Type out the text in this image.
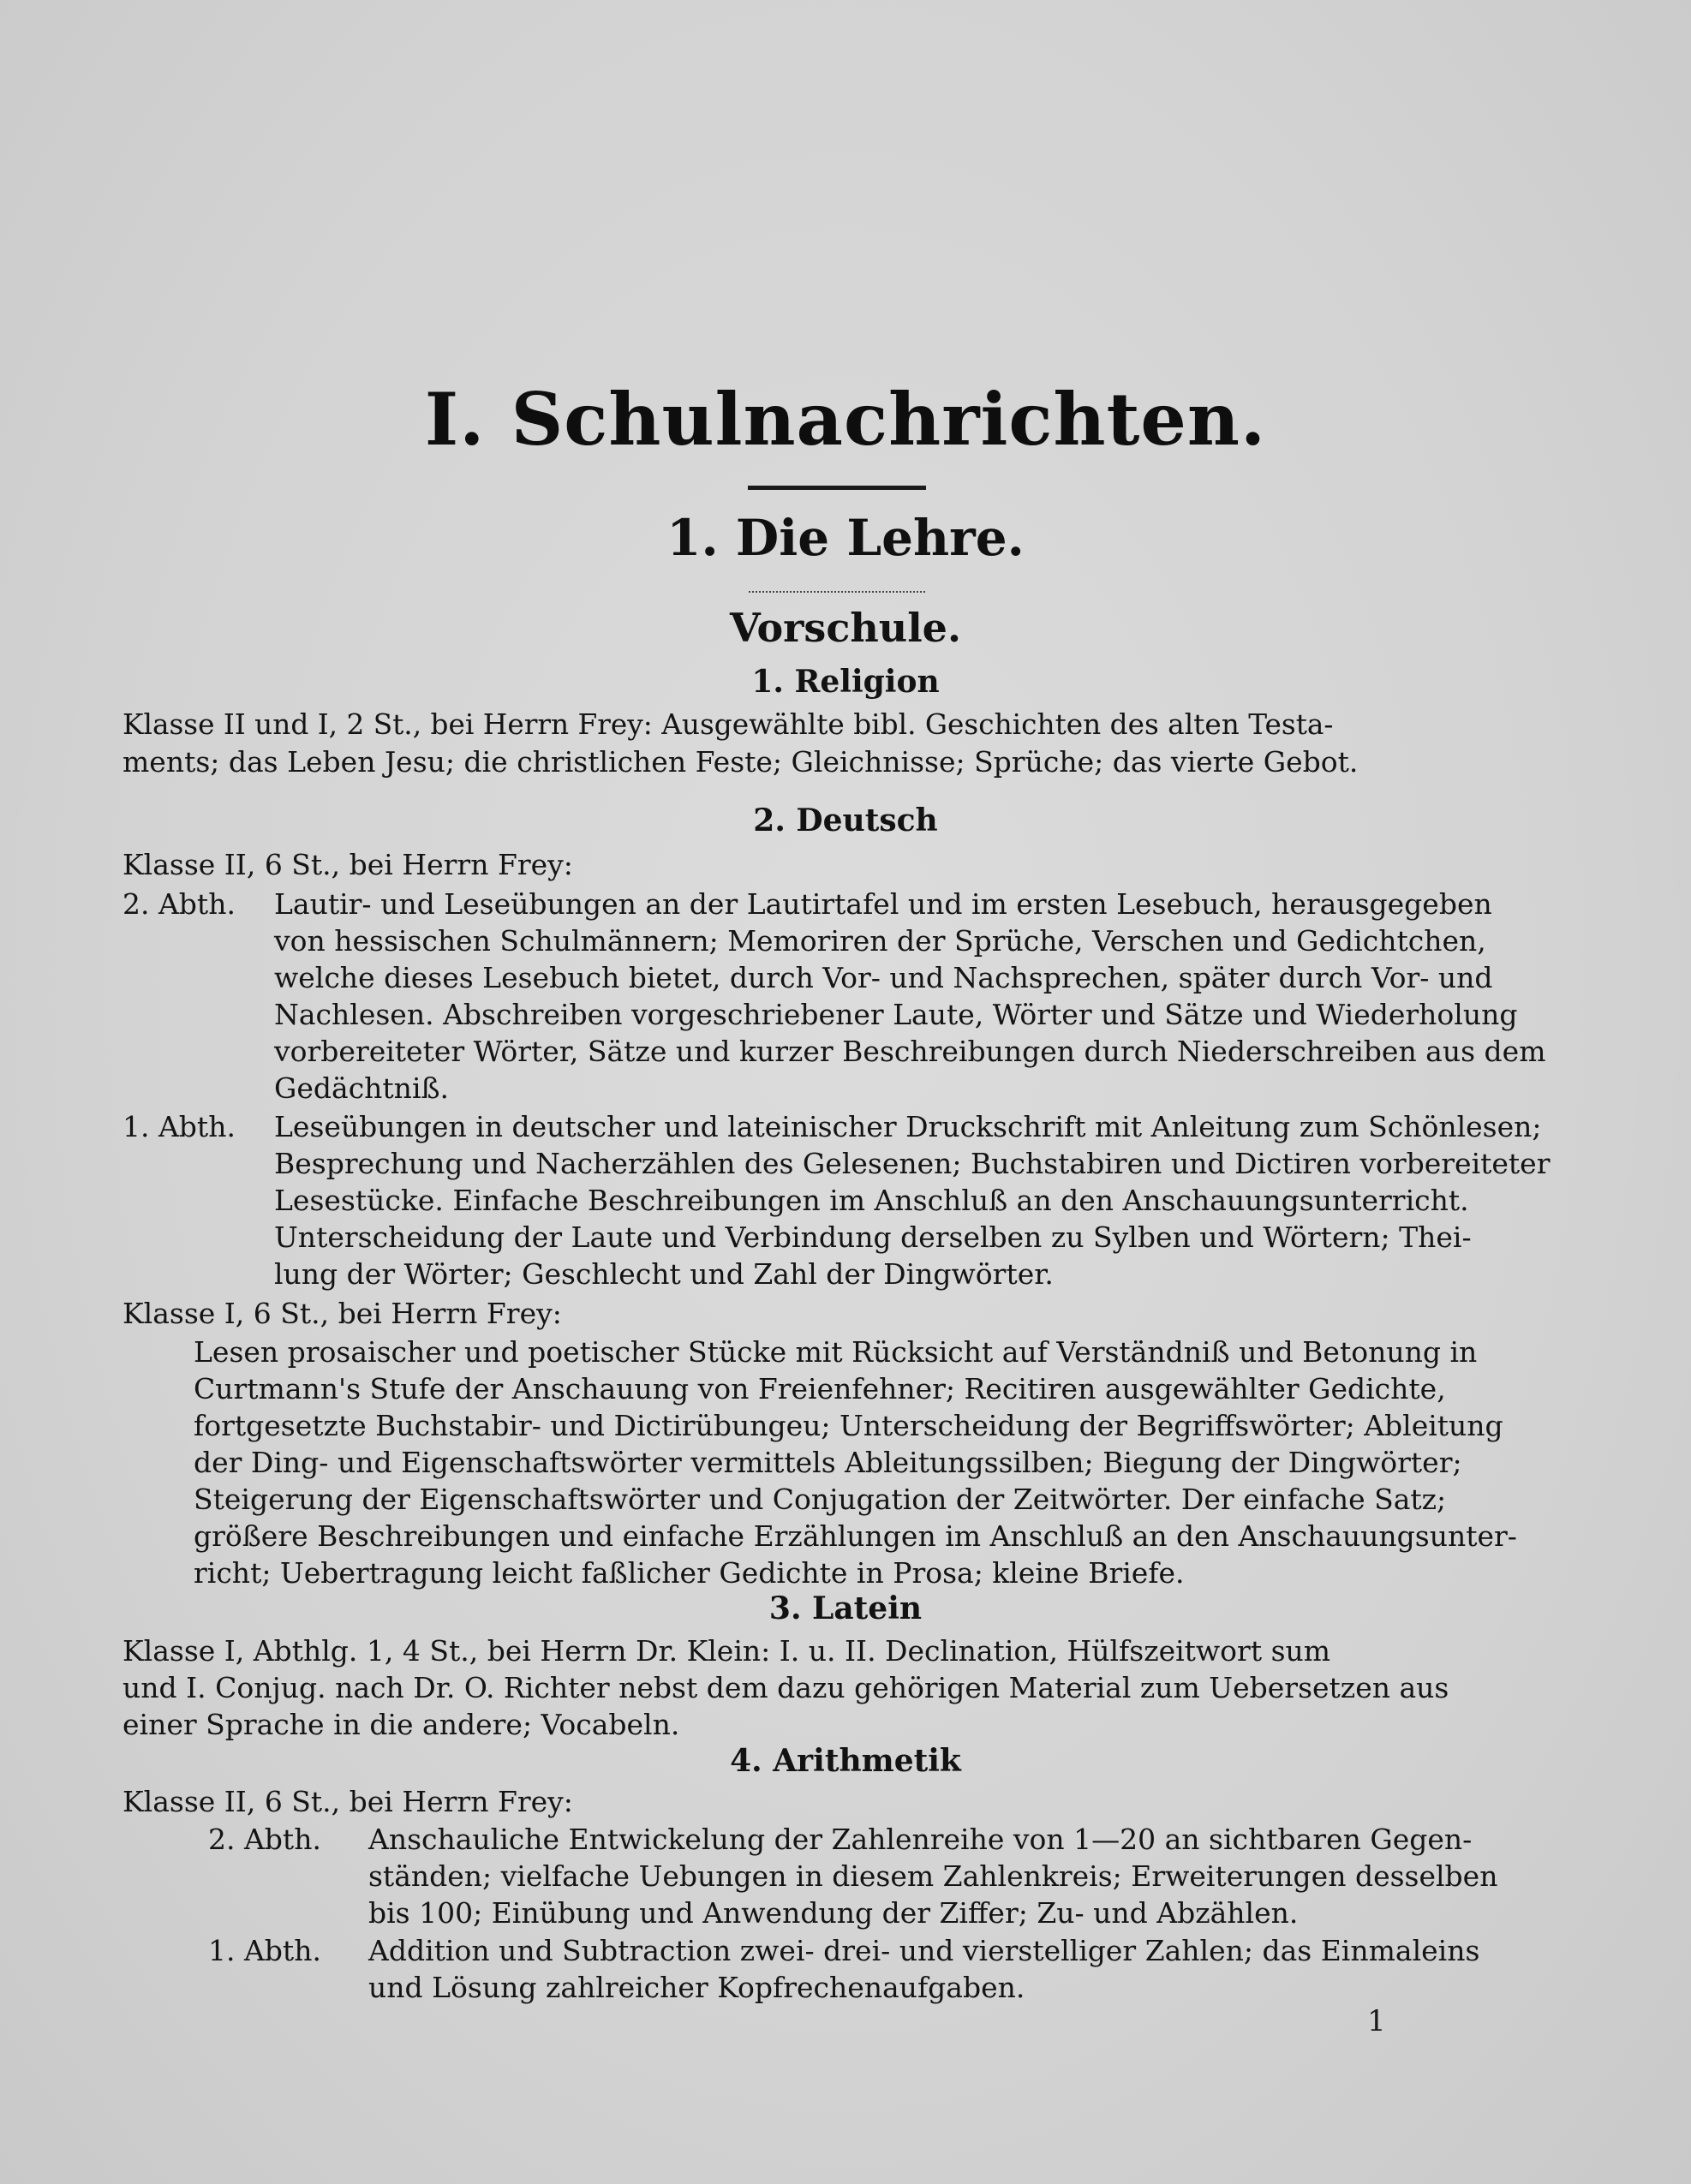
I. Schulnachrichten.
1. Die Lehre.
Vorschule.
1. Religion
Klasse II und I, 2 St., bei Herrn Frey: Ausgewählte bibl. Geschichten des alten Testa-
ments; das Leben Jesu; die christlichen Feste; Gleichnisse; Sprüche; das vierte Gebot.
2. Deutsch
Klasse II, 6 St., bei Herrn Frey:
2. Abth. Lautir- und Leseübungen an der Lautirtafel und im ersten Lesebuch, herausgegeben
von hessischen Schulmännern; Memoriren der Sprüche, Verschen und Gedichtchen,
welche dieses Lesebuch bietet, durch Vor- und Nachsprechen, später durch Vor- und
Nachlesen. Abschreiben vorgeschriebener Laute, Wörter und Sätze und Wiederholung
vorbereiteter Wörter, Sätze und kurzer Beschreibungen durch Niederschreiben aus dem
Gedächtniß.
1. Abth. Leseübungen in deutscher und lateinischer Druckschrift mit Anleitung zum Schönlesen;
Besprechung und Nacherzählen des Gelesenen; Buchstabiren und Dictiren vorbereiteter
Lesestücke. Einfache Beschreibungen im Anschluß an den Anschauungsunterricht.
Unterscheidung der Laute und Verbindung derselben zu Sylben und Wörtern; Thei-
lung der Wörter; Geschlecht und Zahl der Dingwörter.
Klasse I, 6 St., bei Herrn Frey:
Lesen prosaischer und poetischer Stücke mit Rücksicht auf Verständniß und Betonung in
Curtmann's Stufe der Anschauung von Freienfehner; Recitiren ausgewählter Gedichte,
fortgesetzte Buchstabir- und Dictirübungeu; Unterscheidung der Begriffswörter; Ableitung
der Ding- und Eigenschaftswörter vermittels Ableitungssilben; Biegung der Dingwörter;
Steigerung der Eigenschaftswörter und Conjugation der Zeitwörter. Der einfache Satz;
größere Beschreibungen und einfache Erzählungen im Anschluß an den Anschauungsunter-
richt; Uebertragung leicht faßlicher Gedichte in Prosa; kleine Briefe.
3. Latein
Klasse I, Abthlg. 1, 4 St., bei Herrn Dr. Klein: I. u. II. Declination, Hülfszeitwort sum
und I. Conjug. nach Dr. O. Richter nebst dem dazu gehörigen Material zum Uebersetzen aus
einer Sprache in die andere; Vocabeln.
4. Arithmetik
Klasse II, 6 St., bei Herrn Frey:
2. Abth. Anschauliche Entwickelung der Zahlenreihe von 1—20 an sichtbaren Gegen-
ständen; vielfache Uebungen in diesem Zahlenkreis; Erweiterungen desselben
bis 100; Einübung und Anwendung der Ziffer; Zu- und Abzählen.
1. Abth. Addition und Subtraction zwei- drei- und vierstelliger Zahlen; das Einmaleins
und Lösung zahlreicher Kopfrechenaufgaben.
1
